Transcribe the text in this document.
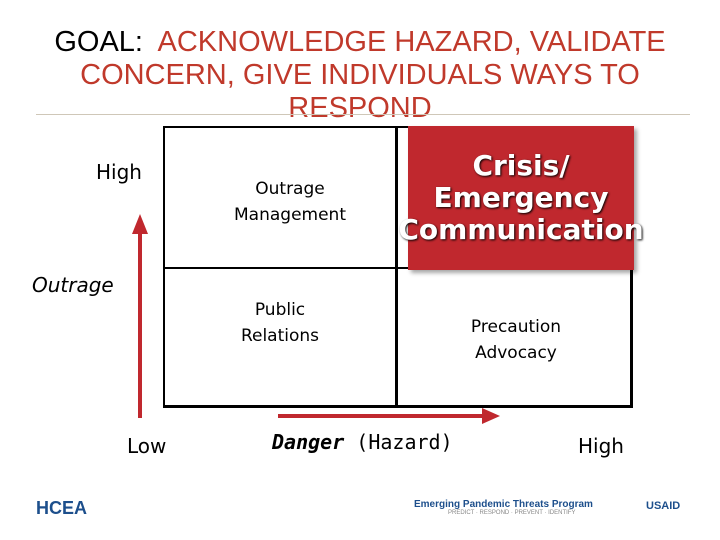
GOAL: ACKNOWLEDGE HAZARD, VALIDATE CONCERN, GIVE INDIVIDUALS WAYS TO RESPOND
Outrage
Management
Crisis/
Emergency
Communication
Public
Relations	Precaution
Advocacy
High
Outrage
Low	Danger (Hazard)	High
HCEA	Emerging Pandemic Threats Program
PREDICT · RESPOND · PREVENT · IDENTIFY
USAID
